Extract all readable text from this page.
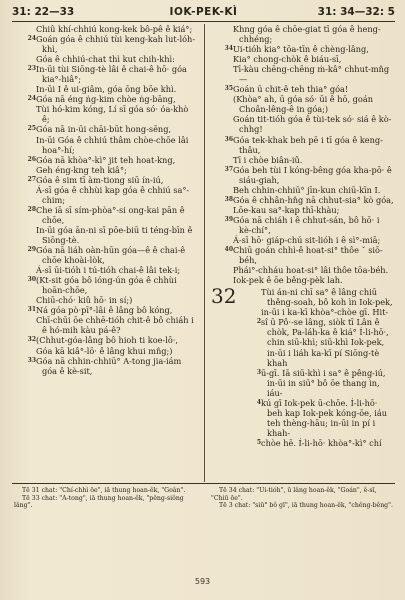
31: 22—33	IOK-PEK-KÌ	31: 34—32: 5

Chiû khí-chhiú kong-kek bô-pê ê kiá°;

24 Goán góa ê chhiú tùi keng-kah lut-lóh-khì,

Góa ê chhiú-chat thì kut chih-khì:

23 In-ūi tùi Siōng-tè lâi ê chai-ê hō· góa kia°-hiâ°;

In-ūi I ê ui-giâm, góa ōng bōe khì.

24 Góa nā éng ṅg-kim chòe ṅg-bāng,

Tùi hó-kim kóng, Lí sī góa só· óa-khò ê;

25 Góa nā in-ūi chāi-būt hong-sēng,

In-ūi Góa ê chhiú thâm chòe-chōe lâi hoa°-hí;

26 Góa nā khòa°-kì° jit teh hoat-kng,

Geh éng-kng teh kiâ°;

27 Góa ê sim tī àm-tiong siū ín-iú,

Á-sī góa ê chhùi kap góa ê chhiú sa°-chim;

28 Che iā sī sím-phòa°-si ong-kai pān ê chōe,

In-ūi góa ān-ni sī pōe-biū ti téng-bīn ê Siōng-tè.

29 Góa nā liáh oàn-hūn góa—ê ê chai-ê chōe khoài-lòk,

Á-sī ūi-tióh i tú-tióh chai-ê lâi tek-i;

30 (Kt-sit góa bô ióng-ún góa ê chhùi hoān-chōe,

Chiū-chó· kiû hō· in sí;)

31 Ná góa pò·pī°-lâi ê lâng bô kóng,

Chī-chūi ōe chhē-tióh chit-ê bô chiáh i ê hó-mih kàu pá-ê?

32 (Chhut-góa-lâng bô hioh ti koe-lō·,

Góa kā kiâ°-lō· ê lâng khui mn̂g;)

33 Góa nā chhin-chhiū° A-tong jia-iám góa ê kè-sit,

Khng góa ê chōe-giat tī góa ê heng-chhéng;

34 Ui-tióh kia° tōa-tīn ê chèng-lâng,

Kia° chong-chòk ê biáu-sī,

Tī-kàu chēng-chēng ṁ-kâ° chhut-mn̂g—

35 Goán ū chit-ê teh thia° góa!

(Khòa° ah, ū góa só· ūi ê hō, goán Choân-lêng-ê in góa;)

Goán tit-tióh góa ê tùi-tek só· siá ê kò-chhg!

36 Góa tek-khak beh pē i tī góa ê keng-thâu,

Tī i chòe biân-iû.

37 Góa beh tùi I kóng-bêng góa kha-pō· ê siáu-giah,

Beh chhin-chhiū° jīn-kun chiū-kīn I.

38 Góa ê chhân-hn̂g nā chhut-sia° kò góa,

Lōe-kau sa°-kap thī-khàu;

39 Góa nā chiáh i ê chhut-sán, bô hō· i kè-chí°,

Á-sī hō· giáp-chú sit-lióh i ê sì°-miā;

40 Chiū goán chhì-ê hoat-si° thôe ˇ siō-béh,

Phái°-chháu hoat-si° lâi thôe tōa-béh.

Iok-pek ê ōe bêng-pèk lah.

32	Tùi án-ni chī sa° ê lâng chiū thêng-soah, bô koh ìn Iok-pek,

in-ūi i ka-kī khòa°-chòe gī. Hit-

2 sî ū Pô·-se lâng, siòk tī Lân ê chòk, Pa-láh-ka ê kiá° Í-li-hō·, chin siū-khì; siū-khì Iok-pek, in-ūi i liáh ka-kī pí Siōng-tè khah

3 ū-gī. Iā siū-khì i sa° ê pêng-iú, in-ūi in siū° bô ōe thang ìn, iáu-

4 kú gī Iok-pek ū-chōe. Í-li-hō· beh kap Iok-pek kóng-ōe, iáu teh thèng-hāu; in-ūi in pí i khah-

5 chòe hē. Í-li-hō· khòa°-kì° chí

Tē 31 chat: "Chí-chhì ōe", iā thung hoan-êk, "Goân".

Tē 33 chat: "A-tong", iā thung hoan-êk, "pêng-siông lâng".

Tē 34 chat: "Ui-tióh", ū lâng hoan-êk, "Goán", ê-sī, "Chiū ōe".

Tē 3 chat: "siū° bô gī", iā thung hoan-êk, "chêng-bêng".

593
